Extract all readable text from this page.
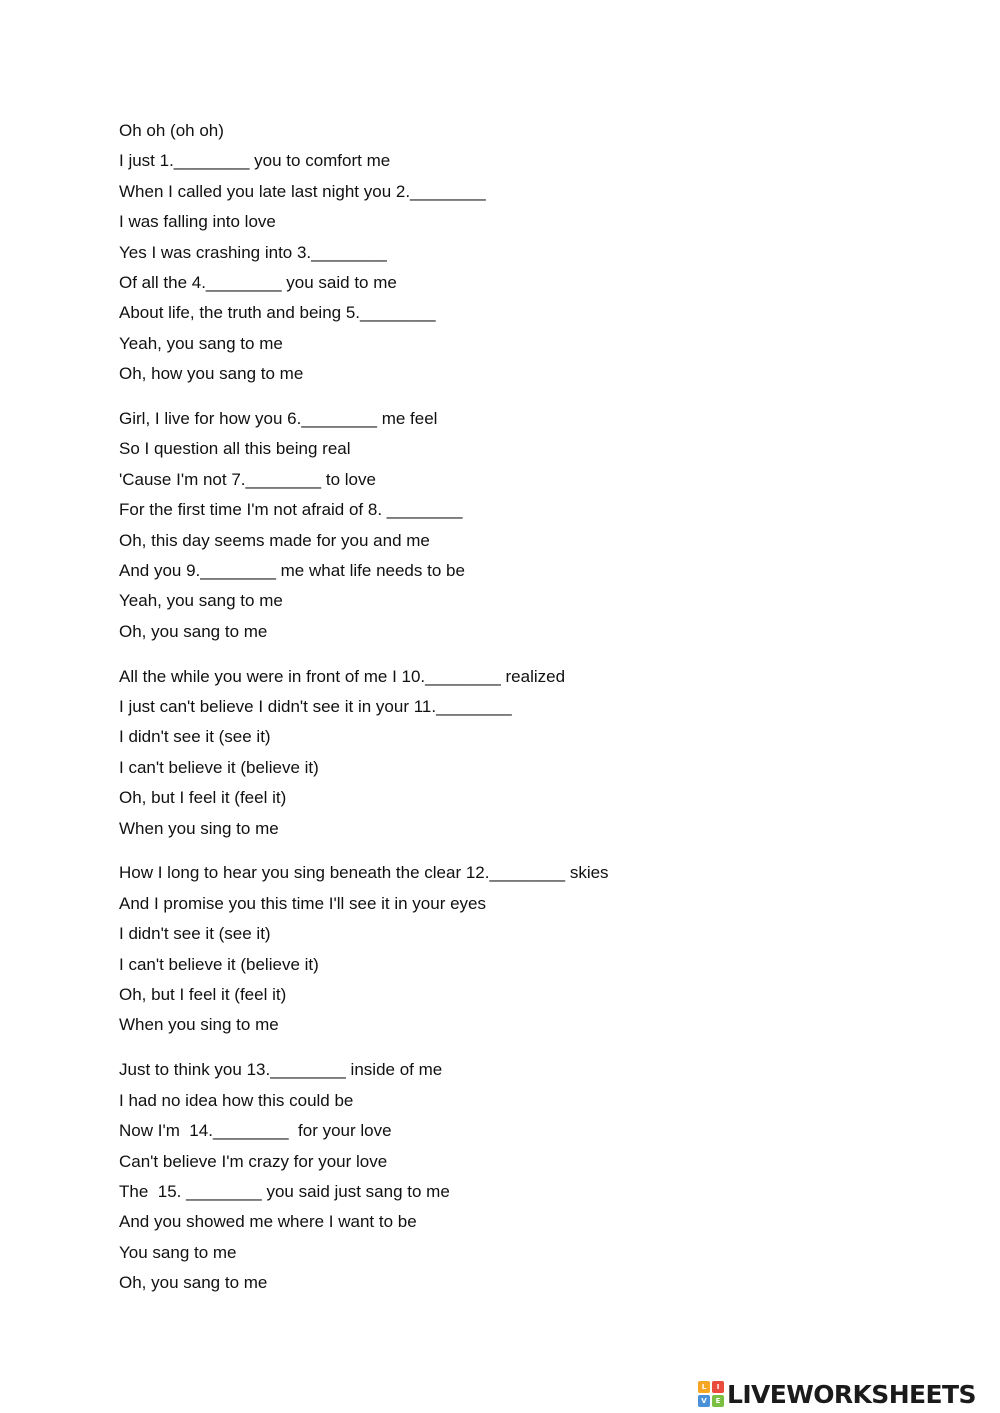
Oh oh (oh oh)
I just 1.________ you to comfort me
When I called you late last night you 2.________
I was falling into love
Yes I was crashing into 3.________
Of all the 4.________ you said to me
About life, the truth and being 5.________
Yeah, you sang to me
Oh, how you sang to me
Girl, I live for how you 6.________ me feel
So I question all this being real
'Cause I'm not 7.________ to love
For the first time I'm not afraid of 8. ________
Oh, this day seems made for you and me
And you 9.________ me what life needs to be
Yeah, you sang to me
Oh, you sang to me
All the while you were in front of me I 10.________ realized
I just can't believe I didn't see it in your 11.________
I didn't see it (see it)
I can't believe it (believe it)
Oh, but I feel it (feel it)
When you sing to me
How I long to hear you sing beneath the clear 12.________ skies
And I promise you this time I'll see it in your eyes
I didn't see it (see it)
I can't believe it (believe it)
Oh, but I feel it (feel it)
When you sing to me
Just to think you 13.________ inside of me
I had no idea how this could be
Now I'm  14.________  for your love
Can't believe I'm crazy for your love
The  15. ________ you said just sang to me
And you showed me where I want to be
You sang to me
Oh, you sang to me
L	I
V	E LIVEWORKSHEETS
